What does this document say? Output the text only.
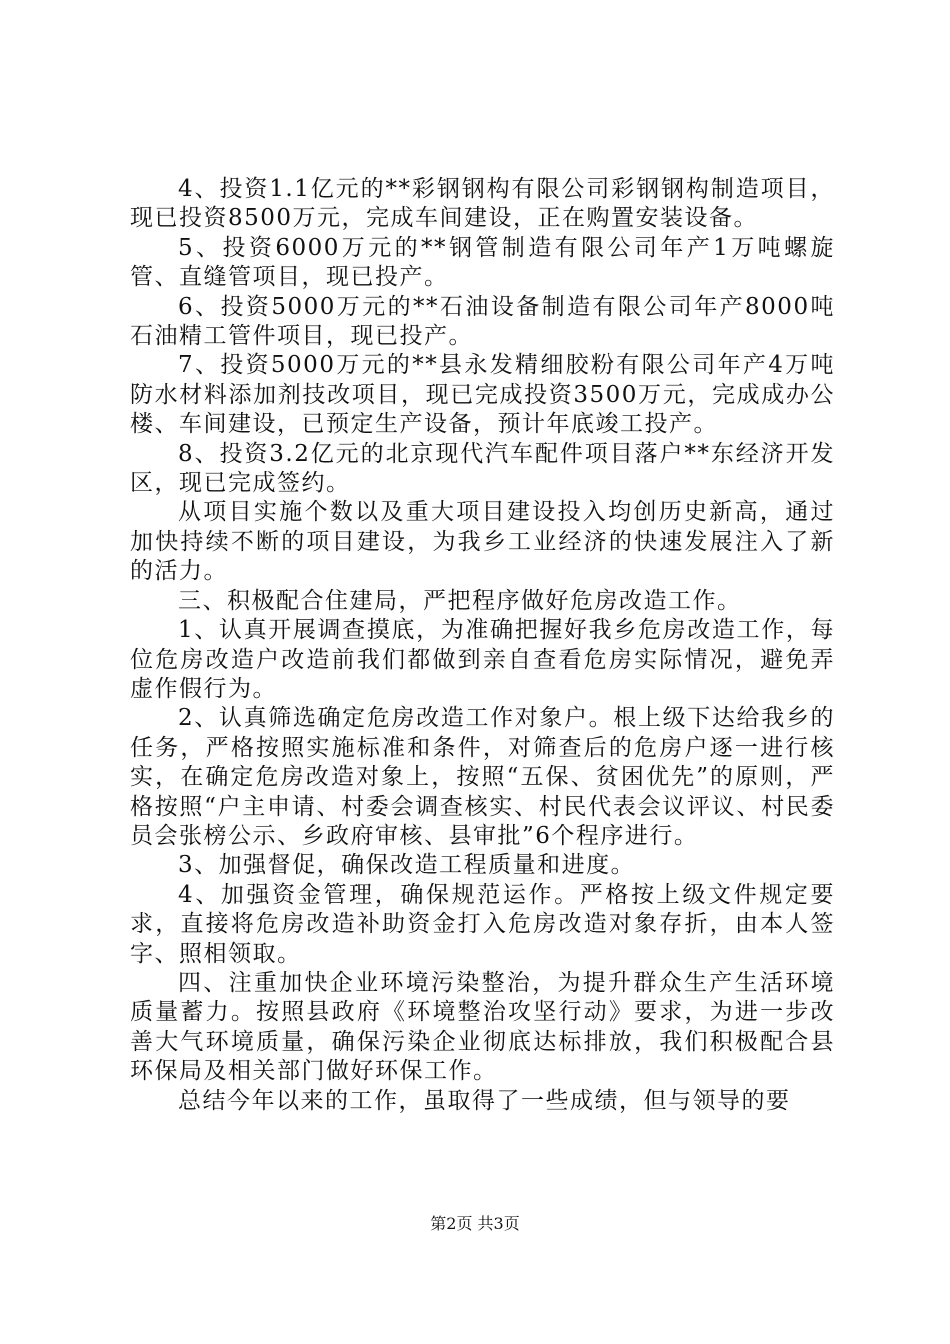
4、投资1.1亿元的**彩钢钢构有限公司彩钢钢构制造项目，现已投资8500万元，完成车间建设，正在购置安装设备。

5、投资6000万元的**钢管制造有限公司年产1万吨螺旋管、直缝管项目，现已投产。

6、投资5000万元的**石油设备制造有限公司年产8000吨石油精工管件项目，现已投产。

7、投资5000万元的**县永发精细胶粉有限公司年产4万吨防水材料添加剂技改项目，现已完成投资3500万元，完成成办公楼、车间建设，已预定生产设备，预计年底竣工投产。

8、投资3.2亿元的北京现代汽车配件项目落户**东经济开发区，现已完成签约。

从项目实施个数以及重大项目建设投入均创历史新高，通过加快持续不断的项目建设，为我乡工业经济的快速发展注入了新的活力。

三、积极配合住建局，严把程序做好危房改造工作。

1、认真开展调查摸底，为准确把握好我乡危房改造工作，每位危房改造户改造前我们都做到亲自查看危房实际情况，避免弄虚作假行为。

2、认真筛选确定危房改造工作对象户。根上级下达给我乡的任务，严格按照实施标准和条件，对筛查后的危房户逐一进行核实，在确定危房改造对象上，按照“五保、贫困优先”的原则，严格按照“户主申请、村委会调查核实、村民代表会议评议、村民委员会张榜公示、乡政府审核、县审批”6个程序进行。

3、加强督促，确保改造工程质量和进度。

4、加强资金管理，确保规范运作。严格按上级文件规定要求，直接将危房改造补助资金打入危房改造对象存折，由本人签字、照相领取。

四、注重加快企业环境污染整治，为提升群众生产生活环境质量蓄力。按照县政府《环境整治攻坚行动》要求，为进一步改善大气环境质量，确保污染企业彻底达标排放，我们积极配合县环保局及相关部门做好环保工作。

总结今年以来的工作，虽取得了一些成绩，但与领导的要

第2页 共3页
